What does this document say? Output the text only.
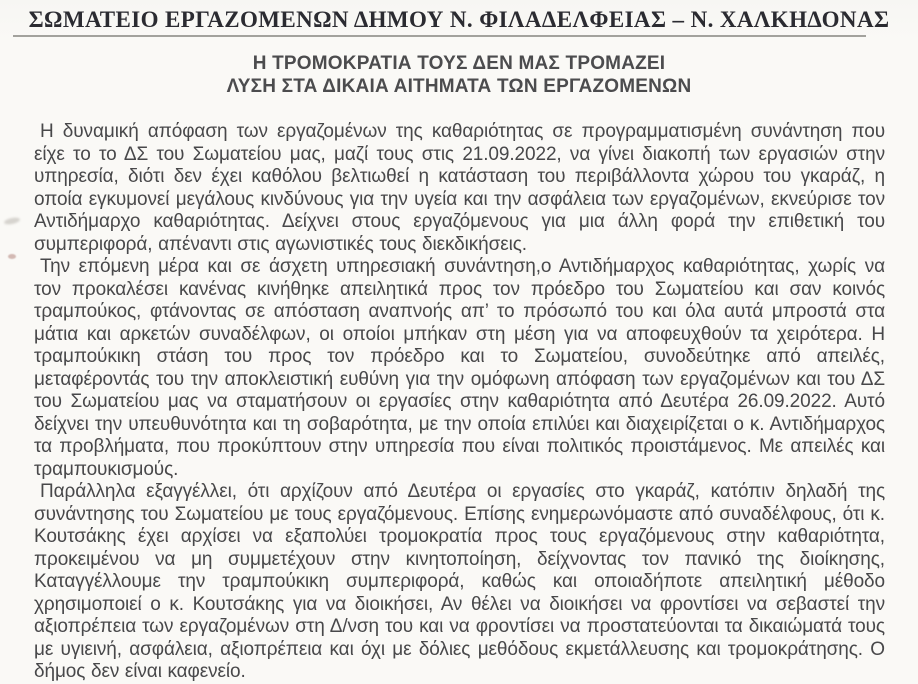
ΣΩΜΑΤΕΙΟ ΕΡΓΑΖΟΜΕΝΩΝ ΔΗΜΟΥ Ν. ΦΙΛΑΔΕΛΦΕΙΑΣ – Ν. ΧΑΛΚΗΔΟΝΑΣ
Η ΤΡΟΜΟΚΡΑΤΙΑ ΤΟΥΣ ΔΕΝ ΜΑΣ ΤΡΟΜΑΖΕΙ
ΛΥΣΗ ΣΤΑ ΔΙΚΑΙΑ ΑΙΤΗΜΑΤΑ ΤΩΝ ΕΡΓΑΖΟΜΕΝΩΝ

Η δυναμική απόφαση των εργαζομένων της καθαριότητας σε προγραμματισμένη συνάντηση που είχε το το ΔΣ του Σωματείου μας, μαζί τους στις 21.09.2022, να γίνει διακοπή των εργασιών στην υπηρεσία, διότι δεν έχει καθόλου βελτιωθεί η κατάσταση του περιβάλλοντα χώρου του γκαράζ, η οποία εγκυμονεί μεγάλους κινδύνους για την υγεία και την ασφάλεια των εργαζομένων, εκνεύρισε τον Αντιδήμαρχο καθαριότητας. Δείχνει στους εργαζόμενους για μια άλλη φορά την επιθετική του συμπεριφορά, απέναντι στις αγωνιστικές τους διεκδικήσεις.

Την επόμενη μέρα και σε άσχετη υπηρεσιακή συνάντηση,ο Αντιδήμαρχος καθαριότητας, χωρίς να τον προκαλέσει κανένας κινήθηκε απειλητικά προς τον πρόεδρο του Σωματείου και σαν κοινός τραμπούκος, φτάνοντας σε απόσταση αναπνοής απ’ το πρόσωπό του και όλα αυτά μπροστά στα μάτια και αρκετών συναδέλφων, οι οποίοι μπήκαν στη μέση για να αποφευχθούν τα χειρότερα. Η τραμπούκικη στάση του προς τον πρόεδρο και το Σωματείου, συνοδεύτηκε από απειλές, μεταφέροντάς του την αποκλειστική ευθύνη για την ομόφωνη απόφαση των εργαζομένων και του ΔΣ του Σωματείου μας να σταματήσουν οι εργασίες στην καθαριότητα από Δευτέρα 26.09.2022. Αυτό δείχνει την υπευθυνότητα και τη σοβαρότητα, με την οποία επιλύει και διαχειρίζεται ο κ. Αντιδήμαρχος τα προβλήματα, που προκύπτουν στην υπηρεσία που είναι πολιτικός προιστάμενος. Με απειλές και τραμπουκισμούς.

Παράλληλα εξαγγέλλει, ότι αρχίζουν από Δευτέρα οι εργασίες στο γκαράζ, κατόπιν δηλαδή της συνάντησης του Σωματείου με τους εργαζόμενους. Επίσης ενημερωνόμαστε από συναδέλφους, ότι κ. Κουτσάκης έχει αρχίσει να εξαπολύει τρομοκρατία προς τους εργαζόμενους στην καθαριότητα, προκειμένου να μη συμμετέχουν στην κινητοποίηση, δείχνοντας τον πανικό της διοίκησης, Καταγγέλλουμε την τραμπούκικη συμπεριφορά, καθώς και οποιαδήποτε απειλητική μέθοδο χρησιμοποιεί ο κ. Κουτσάκης για να διοικήσει, Αν θέλει να διοικήσει να φροντίσει να σεβαστεί την αξιοπρέπεια των εργαζομένων στη Δ/νση του και να φροντίσει να προστατεύονται τα δικαιώματά τους με υγιεινή, ασφάλεια, αξιοπρέπεια και όχι με δόλιες μεθόδους εκμετάλλευσης και τρομοκράτησης. Ο δήμος δεν είναι καφενείο.
